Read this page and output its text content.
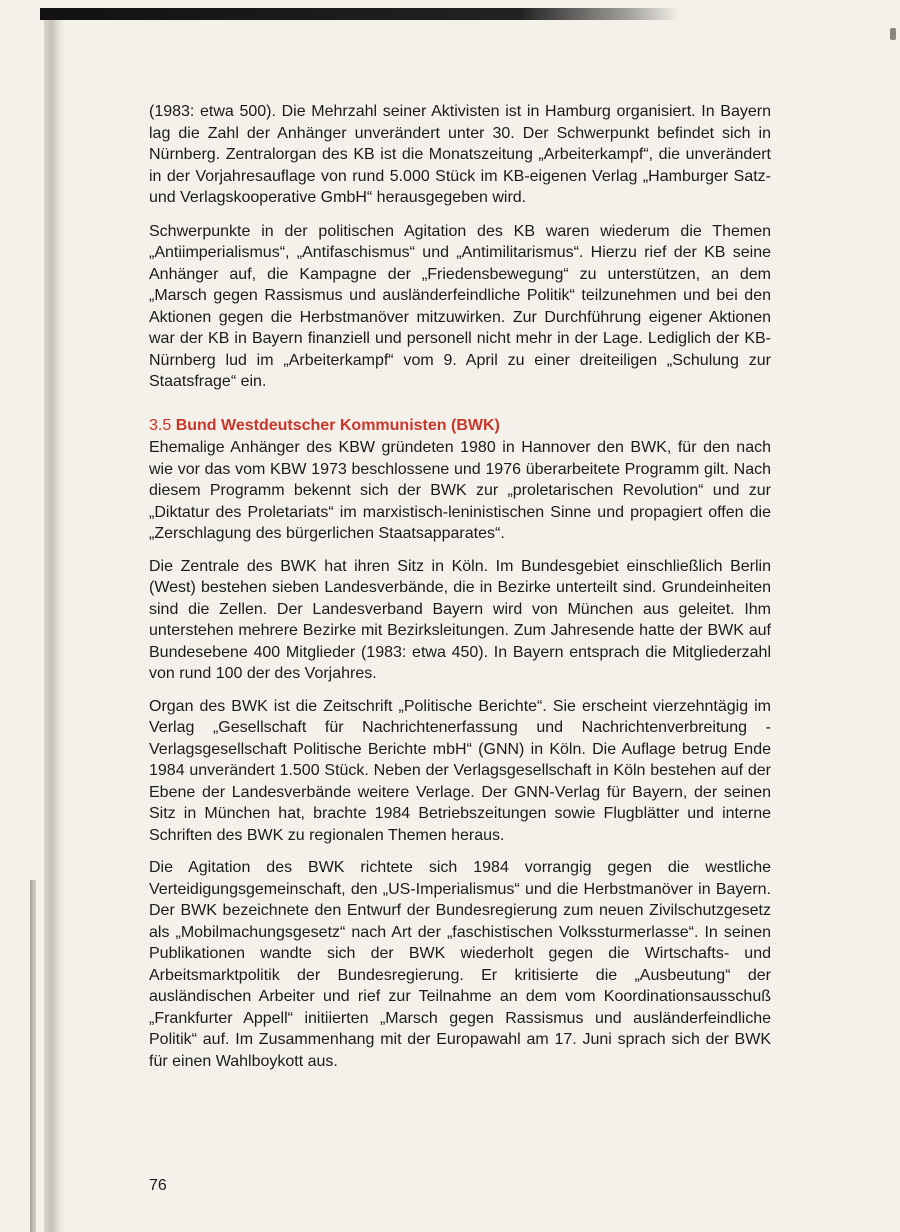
(1983: etwa 500). Die Mehrzahl seiner Aktivisten ist in Hamburg organisiert. In Bayern lag die Zahl der Anhänger unverändert unter 30. Der Schwerpunkt befindet sich in Nürnberg. Zentralorgan des KB ist die Monatszeitung „Arbeiterkampf“, die unverändert in der Vorjahresauflage von rund 5.000 Stück im KB-eigenen Verlag „Hamburger Satz- und Verlagskooperative GmbH“ herausgegeben wird.

Schwerpunkte in der politischen Agitation des KB waren wiederum die Themen „Antiimperialismus“, „Antifaschismus“ und „Antimilitarismus“. Hierzu rief der KB seine Anhänger auf, die Kampagne der „Friedensbewegung“ zu unterstützen, an dem „Marsch gegen Rassismus und ausländerfeindliche Politik“ teilzunehmen und bei den Aktionen gegen die Herbstmanöver mitzuwirken. Zur Durchführung eigener Aktionen war der KB in Bayern finanziell und personell nicht mehr in der Lage. Lediglich der KB-Nürnberg lud im „Arbeiterkampf“ vom 9. April zu einer dreiteiligen „Schulung zur Staatsfrage“ ein.

3.5 Bund Westdeutscher Kommunisten (BWK)

Ehemalige Anhänger des KBW gründeten 1980 in Hannover den BWK, für den nach wie vor das vom KBW 1973 beschlossene und 1976 überarbeitete Programm gilt. Nach diesem Programm bekennt sich der BWK zur „proletarischen Revolution“ und zur „Diktatur des Proletariats“ im marxistisch-leninistischen Sinne und propagiert offen die „Zerschlagung des bürgerlichen Staatsapparates“.

Die Zentrale des BWK hat ihren Sitz in Köln. Im Bundesgebiet einschließlich Berlin (West) bestehen sieben Landesverbände, die in Bezirke unterteilt sind. Grundeinheiten sind die Zellen. Der Landesverband Bayern wird von München aus geleitet. Ihm unterstehen mehrere Bezirke mit Bezirksleitungen. Zum Jahresende hatte der BWK auf Bundesebene 400 Mitglieder (1983: etwa 450). In Bayern entsprach die Mitgliederzahl von rund 100 der des Vorjahres.

Organ des BWK ist die Zeitschrift „Politische Berichte“. Sie erscheint vierzehntägig im Verlag „Gesellschaft für Nachrichtenerfassung und Nachrichtenverbreitung - Verlagsgesellschaft Politische Berichte mbH“ (GNN) in Köln. Die Auflage betrug Ende 1984 unverändert 1.500 Stück. Neben der Verlagsgesellschaft in Köln bestehen auf der Ebene der Landesverbände weitere Verlage. Der GNN-Verlag für Bayern, der seinen Sitz in München hat, brachte 1984 Betriebszeitungen sowie Flugblätter und interne Schriften des BWK zu regionalen Themen heraus.

Die Agitation des BWK richtete sich 1984 vorrangig gegen die westliche Verteidigungsgemeinschaft, den „US-Imperialismus“ und die Herbstmanöver in Bayern. Der BWK bezeichnete den Entwurf der Bundesregierung zum neuen Zivilschutzgesetz als „Mobilmachungsgesetz“ nach Art der „faschistischen Volkssturmerlasse“. In seinen Publikationen wandte sich der BWK wiederholt gegen die Wirtschafts- und Arbeitsmarktpolitik der Bundesregierung. Er kritisierte die „Ausbeutung“ der ausländischen Arbeiter und rief zur Teilnahme an dem vom Koordinationsausschuß „Frankfurter Appell“ initiierten „Marsch gegen Rassismus und ausländerfeindliche Politik“ auf. Im Zusammenhang mit der Europawahl am 17. Juni sprach sich der BWK für einen Wahlboykott aus.

76
